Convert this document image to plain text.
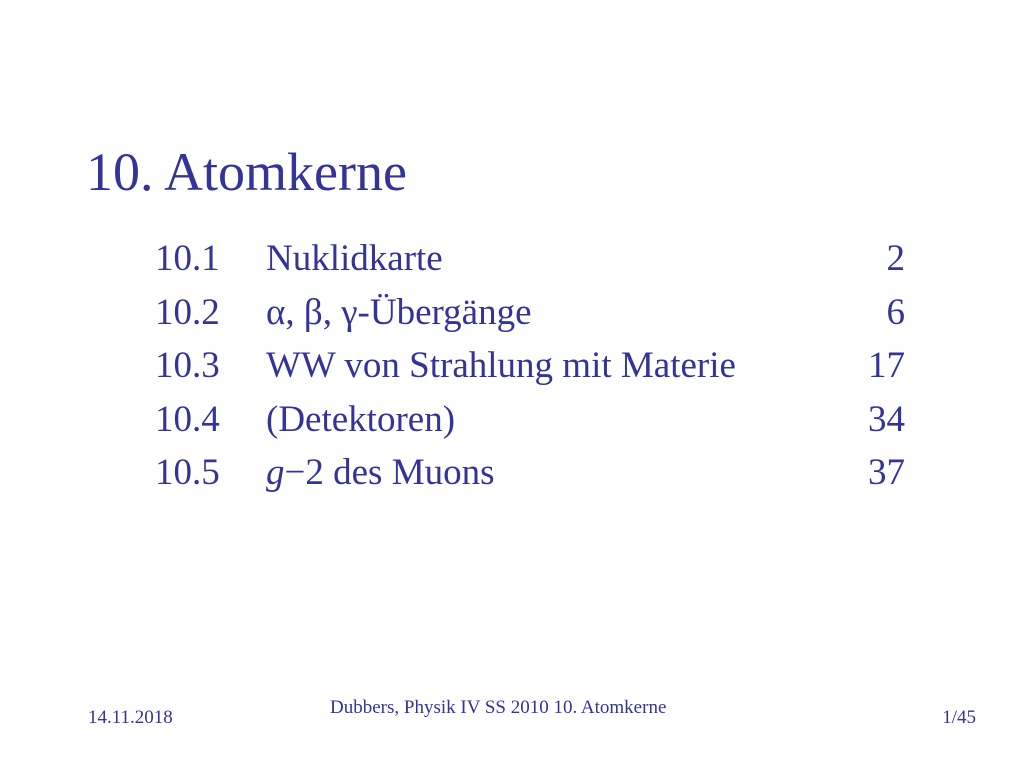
10. Atomkerne
10.1	Nuklidkarte	2
10.2	α, β, γ-Übergänge	6
10.3	WW von Strahlung mit Materie	17
10.4	(Detektoren)	34
10.5	g−2 des Muons	37
14.11.2018	Dubbers, Physik IV SS 2010 10. Atomkerne	1/45
